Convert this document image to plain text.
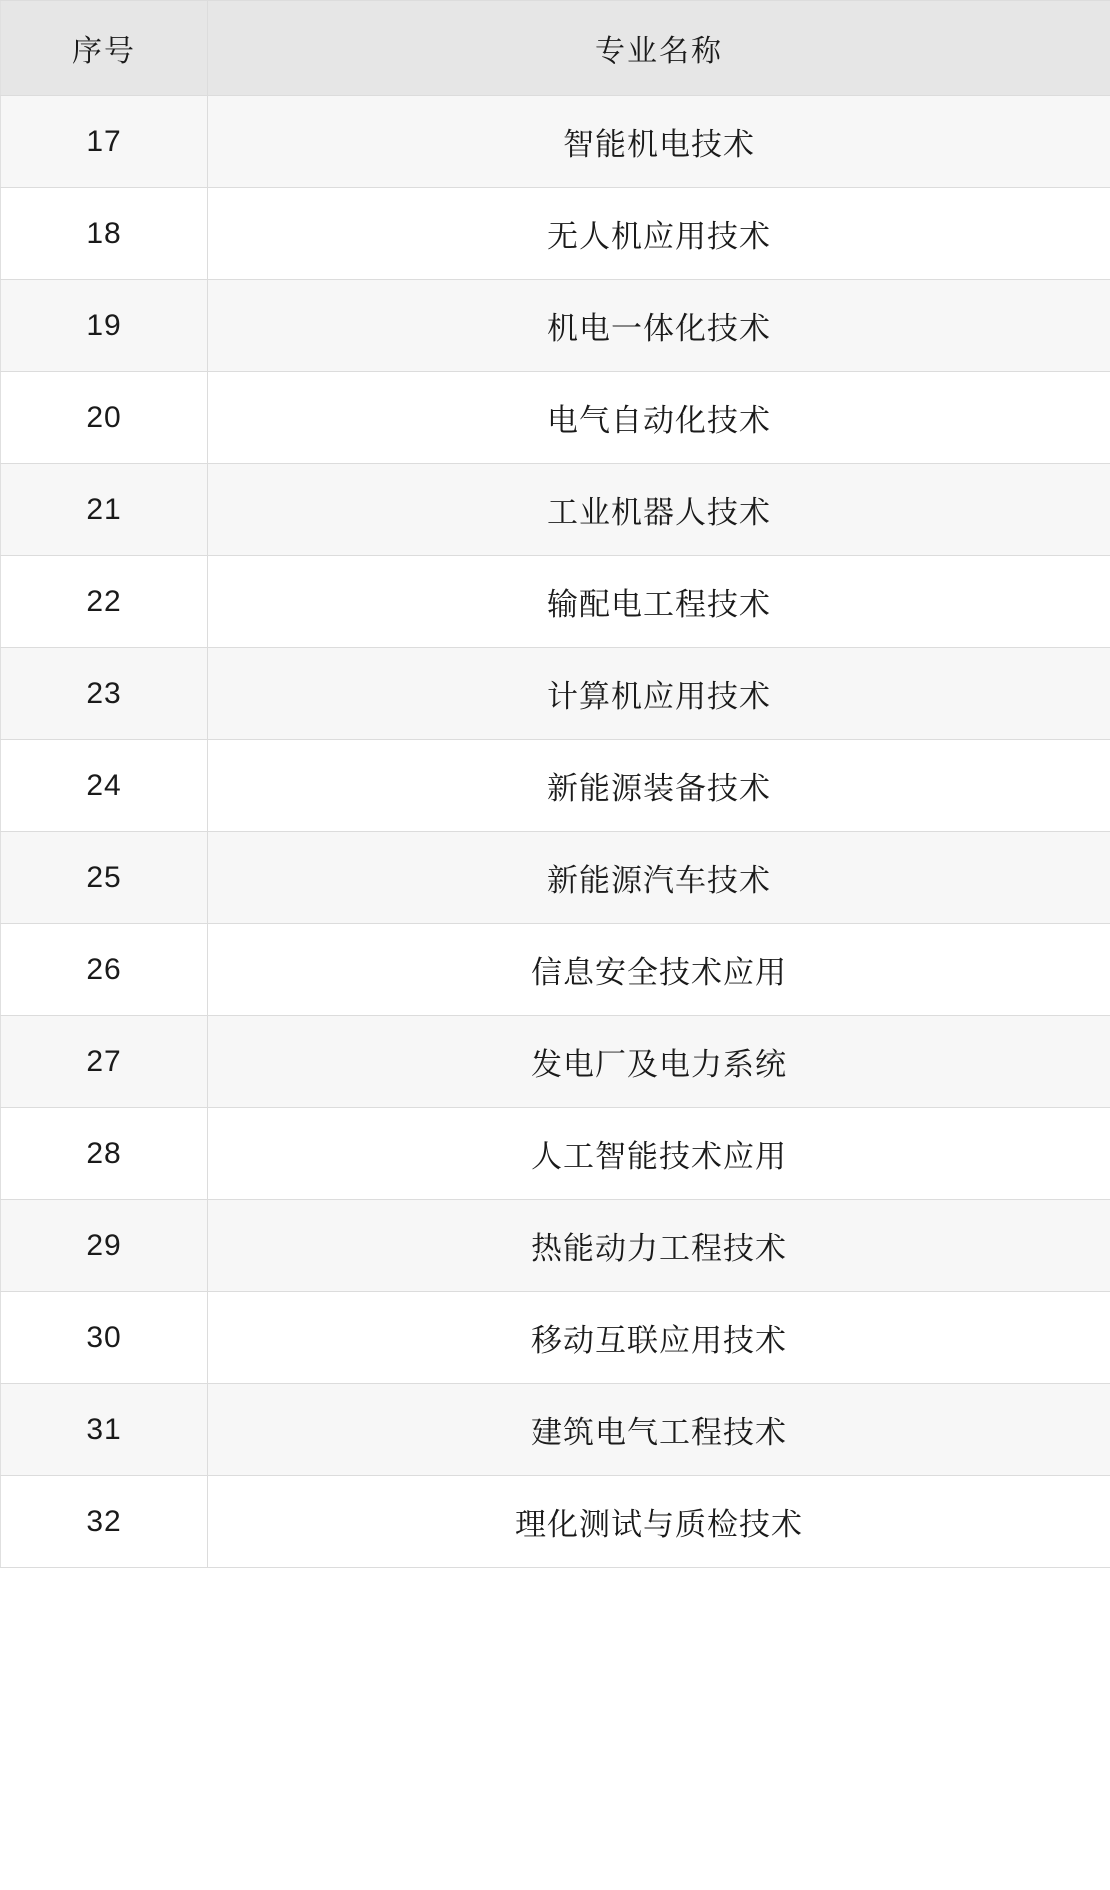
序号	专业名称
17	智能机电技术
18	无人机应用技术
19	机电一体化技术
20	电气自动化技术
21	工业机器人技术
22	输配电工程技术
23	计算机应用技术
24	新能源装备技术
25	新能源汽车技术
26	信息安全技术应用
27	发电厂及电力系统
28	人工智能技术应用
29	热能动力工程技术
30	移动互联应用技术
31	建筑电气工程技术
32	理化测试与质检技术
